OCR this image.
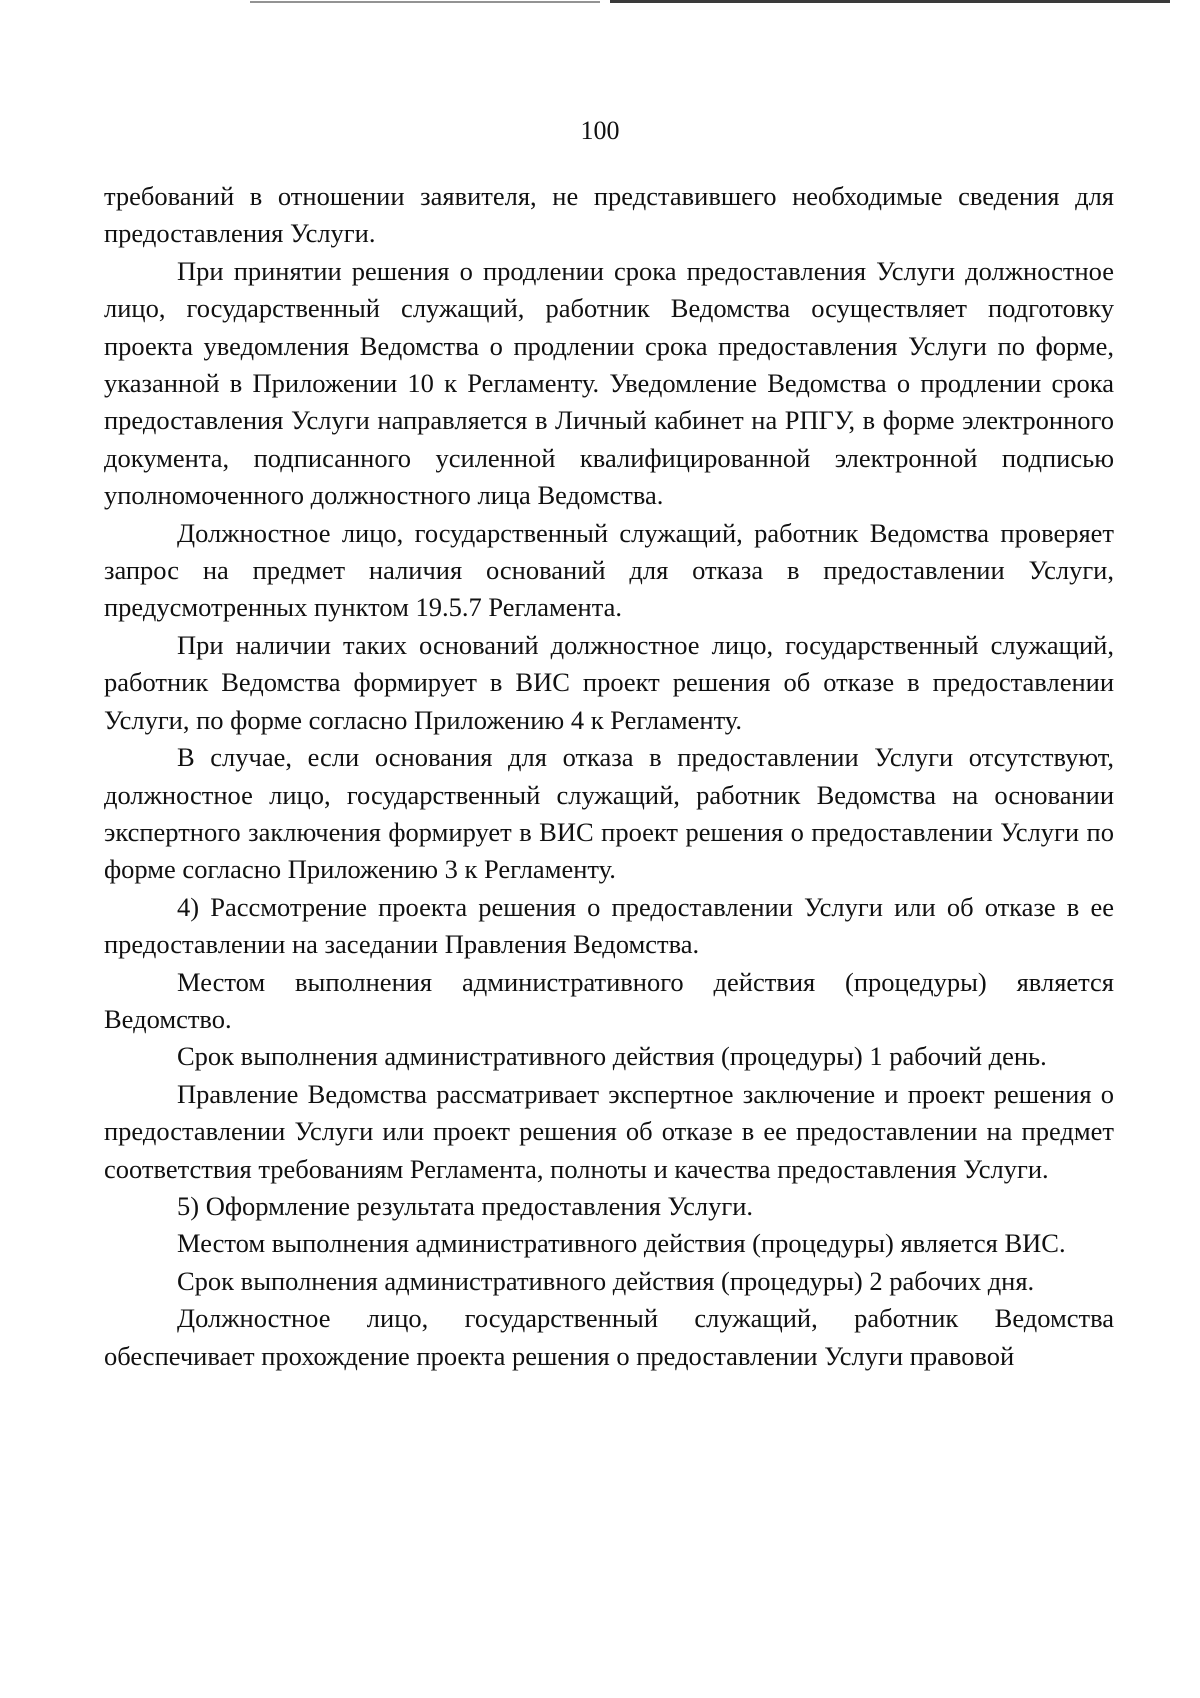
100

требований в отношении заявителя, не представившего необходимые сведения для предоставления Услуги.

При принятии решения о продлении срока предоставления Услуги должностное лицо, государственный служащий, работник Ведомства осуществляет подготовку проекта уведомления Ведомства о продлении срока предоставления Услуги по форме, указанной в Приложении 10 к Регламенту. Уведомление Ведомства о продлении срока предоставления Услуги направляется в Личный кабинет на РПГУ, в форме электронного документа, подписанного усиленной квалифицированной электронной подписью уполномоченного должностного лица Ведомства.

Должностное лицо, государственный служащий, работник Ведомства проверяет запрос на предмет наличия оснований для отказа в предоставлении Услуги, предусмотренных пунктом 19.5.7 Регламента.

При наличии таких оснований должностное лицо, государственный служащий, работник Ведомства формирует в ВИС проект решения об отказе в предоставлении Услуги, по форме согласно Приложению 4 к Регламенту.

В случае, если основания для отказа в предоставлении Услуги отсутствуют, должностное лицо, государственный служащий, работник Ведомства на основании экспертного заключения формирует в ВИС проект решения о предоставлении Услуги по форме согласно Приложению 3 к Регламенту.

4) Рассмотрение проекта решения о предоставлении Услуги или об отказе в ее предоставлении на заседании Правления Ведомства.

Местом выполнения административного действия (процедуры) является Ведомство.

Срок выполнения административного действия (процедуры) 1 рабочий день.

Правление Ведомства рассматривает экспертное заключение и проект решения о предоставлении Услуги или проект решения об отказе в ее предоставлении на предмет соответствия требованиям Регламента, полноты и качества предоставления Услуги.

5) Оформление результата предоставления Услуги.

Местом выполнения административного действия (процедуры) является ВИС.

Срок выполнения административного действия (процедуры) 2 рабочих дня.

Должностное лицо, государственный служащий, работник Ведомства обеспечивает прохождение проекта решения о предоставлении Услуги правовой
